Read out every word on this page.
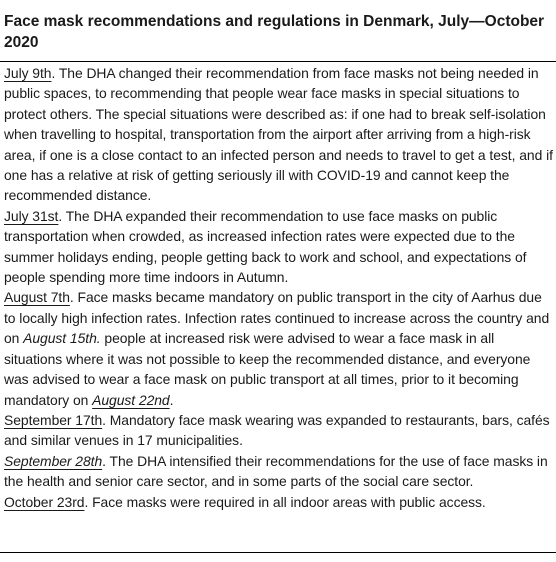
Face mask recommendations and regulations in Denmark, July—October 2020

July 9th. The DHA changed their recommendation from face masks not being needed in public spaces, to recommending that people wear face masks in special situations to protect others. The special situations were described as: if one had to break self-isolation when travelling to hospital, transportation from the airport after arriving from a high-risk area, if one is a close contact to an infected person and needs to travel to get a test, and if one has a relative at risk of getting seriously ill with COVID-19 and cannot keep the recommended distance.

July 31st. The DHA expanded their recommendation to use face masks on public transportation when crowded, as increased infection rates were expected due to the summer holidays ending, people getting back to work and school, and expectations of people spending more time indoors in Autumn.

August 7th. Face masks became mandatory on public transport in the city of Aarhus due to locally high infection rates. Infection rates continued to increase across the country and on August 15th. people at increased risk were advised to wear a face mask in all situations where it was not possible to keep the recommended distance, and everyone was advised to wear a face mask on public transport at all times, prior to it becoming mandatory on August 22nd.

September 17th. Mandatory face mask wearing was expanded to restaurants, bars, cafés and similar venues in 17 municipalities.

September 28th. The DHA intensified their recommendations for the use of face masks in the health and senior care sector, and in some parts of the social care sector.

October 23rd. Face masks were required in all indoor areas with public access.
